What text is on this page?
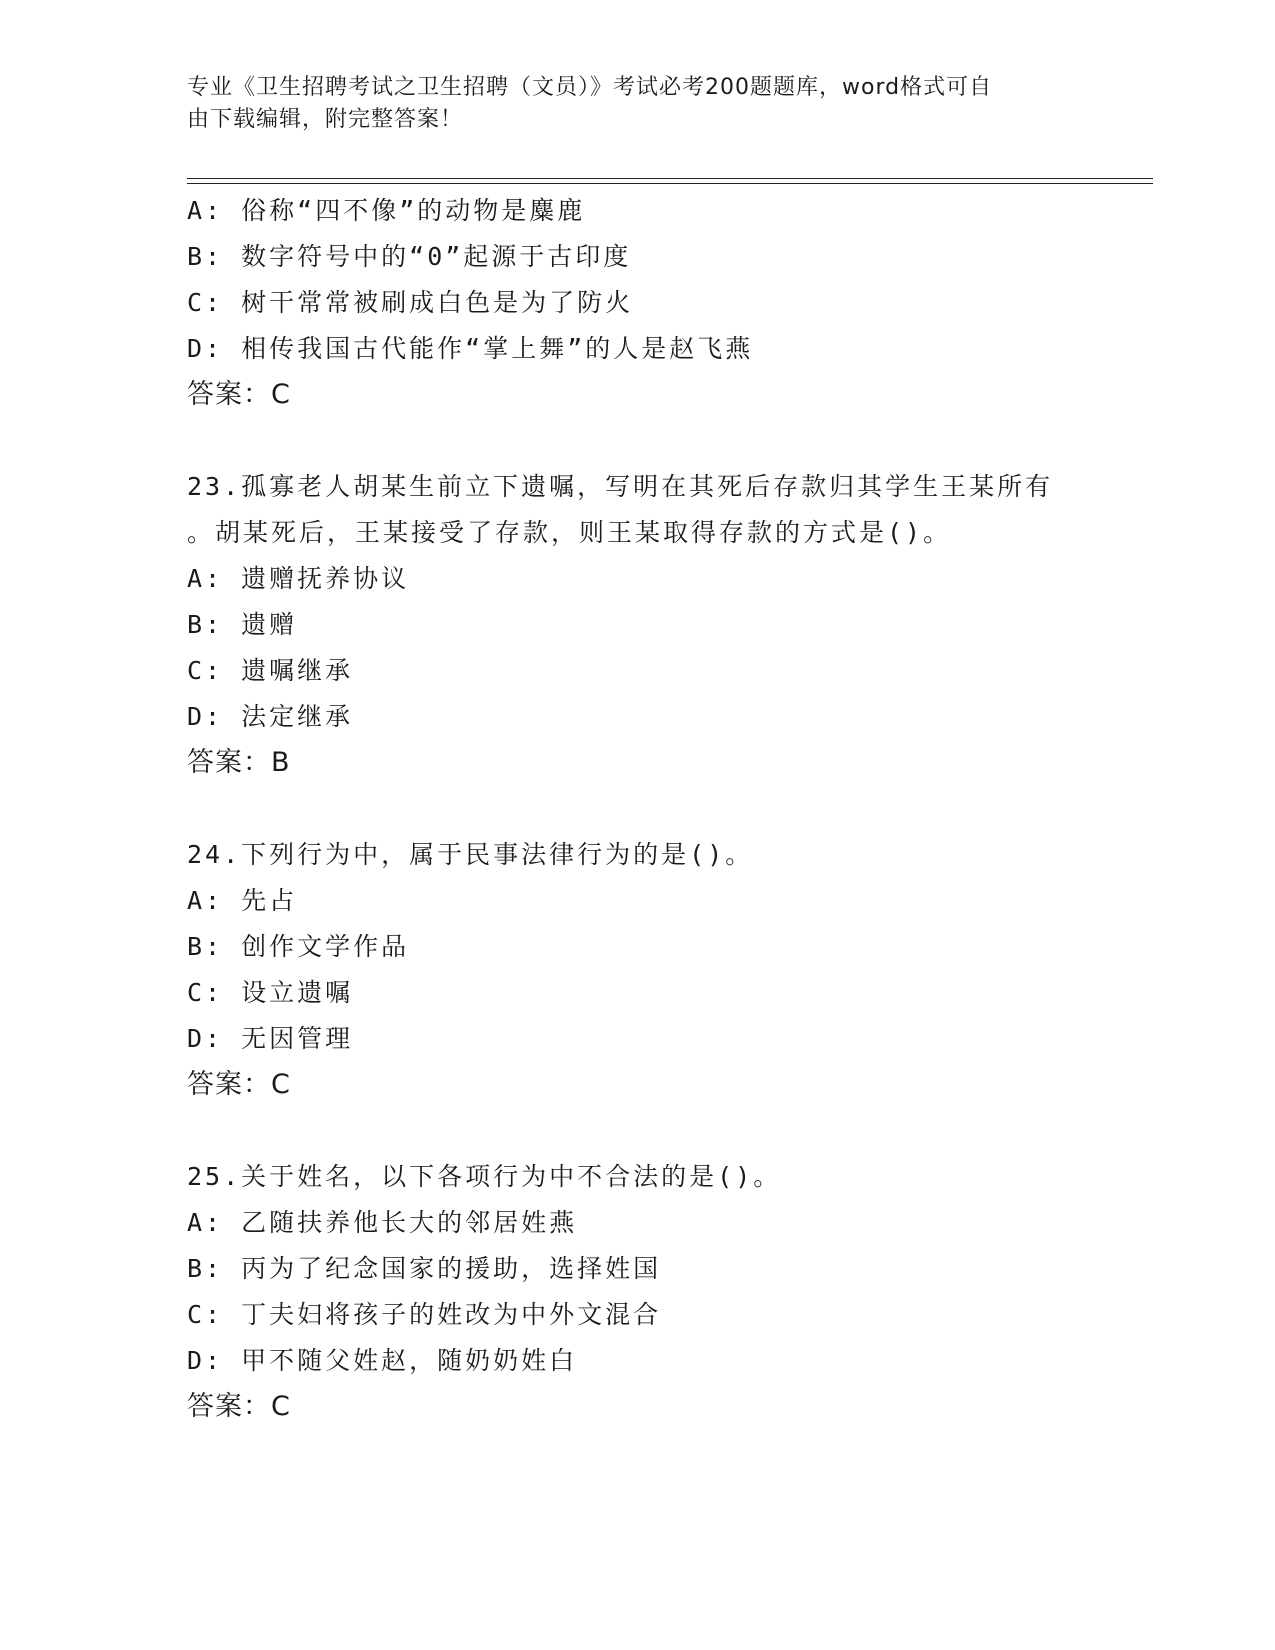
专业《卫生招聘考试之卫生招聘（文员）》考试必考200题题库，word格式可自
由下载编辑，附完整答案！
A: 俗称“四不像”的动物是麋鹿
B: 数字符号中的“0”起源于古印度
C: 树干常常被刷成白色是为了防火
D: 相传我国古代能作“掌上舞”的人是赵飞燕
答案：C
23.孤寡老人胡某生前立下遗嘱，写明在其死后存款归其学生王某所有
。胡某死后，王某接受了存款，则王某取得存款的方式是()。
A: 遗赠抚养协议
B: 遗赠
C: 遗嘱继承
D: 法定继承
答案：B
24.下列行为中，属于民事法律行为的是()。
A: 先占
B: 创作文学作品
C: 设立遗嘱
D: 无因管理
答案：C
25.关于姓名，以下各项行为中不合法的是()。
A: 乙随扶养他长大的邻居姓燕
B: 丙为了纪念国家的援助，选择姓国
C: 丁夫妇将孩子的姓改为中外文混合
D: 甲不随父姓赵，随奶奶姓白
答案：C
